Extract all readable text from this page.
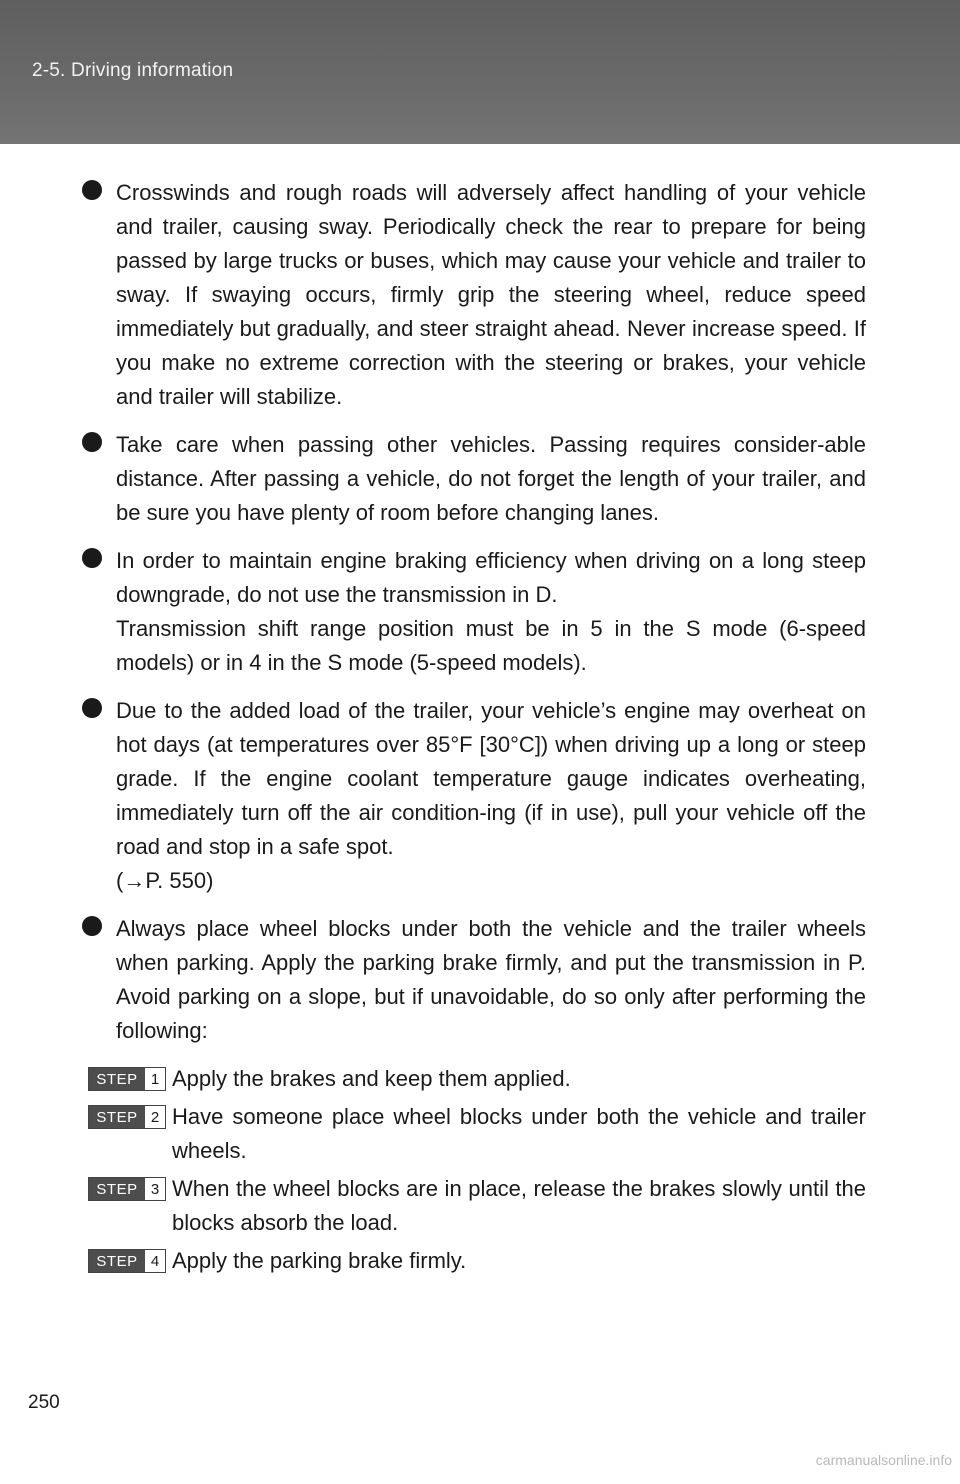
2-5. Driving information

Crosswinds and rough roads will adversely affect handling of your vehicle and trailer, causing sway. Periodically check the rear to prepare for being passed by large trucks or buses, which may cause your vehicle and trailer to sway. If swaying occurs, firmly grip the steering wheel, reduce speed immediately but gradually, and steer straight ahead. Never increase speed. If you make no extreme correction with the steering or brakes, your vehicle and trailer will stabilize.

Take care when passing other vehicles. Passing requires consider-able distance. After passing a vehicle, do not forget the length of your trailer, and be sure you have plenty of room before changing lanes.

In order to maintain engine braking efficiency when driving on a long steep downgrade, do not use the transmission in D.

Transmission shift range position must be in 5 in the S mode (6-speed models) or in 4 in the S mode (5-speed models).

Due to the added load of the trailer, your vehicle’s engine may overheat on hot days (at temperatures over 85°F [30°C]) when driving up a long or steep grade. If the engine coolant temperature gauge indicates overheating, immediately turn off the air condition-ing (if in use), pull your vehicle off the road and stop in a safe spot.

(→P. 550)

Always place wheel blocks under both the vehicle and the trailer wheels when parking. Apply the parking brake firmly, and put the transmission in P. Avoid parking on a slope, but if unavoidable, do so only after performing the following:

STEP 1 Apply the brakes and keep them applied.

STEP 2 Have someone place wheel blocks under both the vehicle and trailer wheels.

STEP 3 When the wheel blocks are in place, release the brakes slowly until the blocks absorb the load.

STEP 4 Apply the parking brake firmly.

250
carmanualsonline.info
